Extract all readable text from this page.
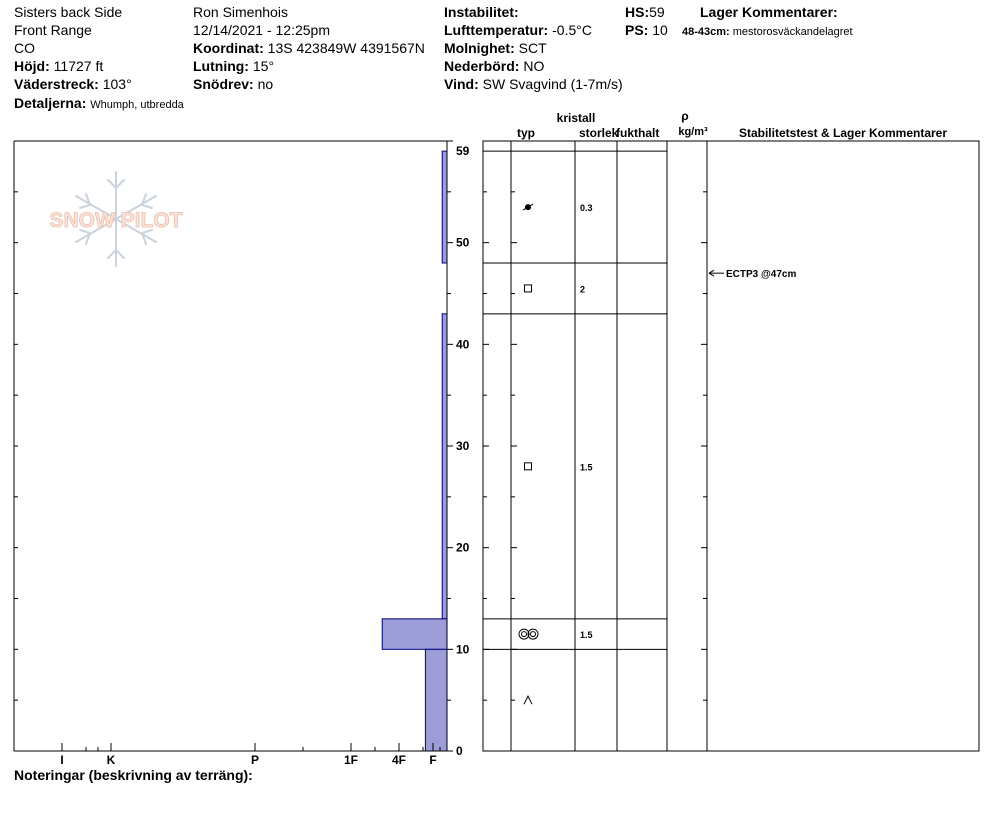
Sisters back Side
Front Range
CO
Höjd: 11727 ft
Väderstreck: 103°
Detaljerna: Whumph, utbredda
Ron Simenhois
12/14/2021 - 12:25pm
Koordinat: 13S 423849W 4391567N
Lutning: 15°
Snödrev: no
Instabilitet:
Lufttemperatur: -0.5°C
Molnighet: SCT
Nederbörd: NO
Vind: SW Svagvind (1-7m/s)
HS:59
PS: 10
Lager Kommentarer:
48-43cm: mestorosväckandelagret
SNOW PILOT
0
10
20
30
40
50
59
I	K	P	1F	4F F
0.3
2
1.5
1.5
ECTP3 @47cm
kristall
typ	storlek
fukthalt
ρ
kg/m³	Stabilitetstest & Lager Kommentarer
Noteringar (beskrivning av terräng):
